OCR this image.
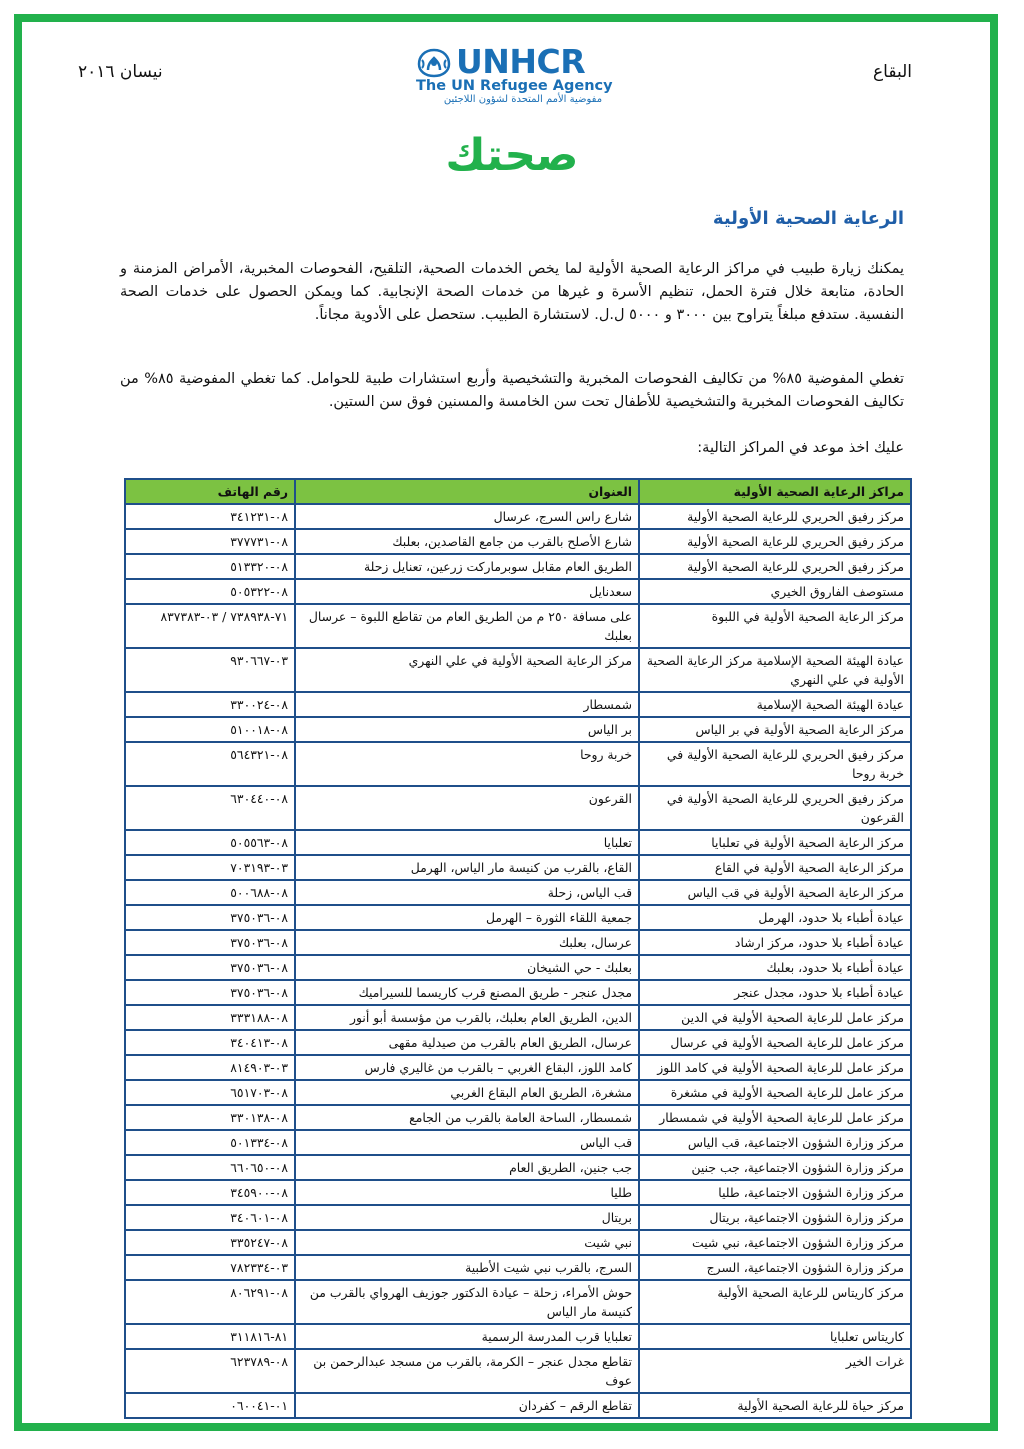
البقاع
نيسان ٢٠١٦	UNHCR
The UN Refugee Agency
مفوضية الأمم المتحدة لشؤون اللاجئين
صحتك
الرعاية الصحية الأولية
يمكنك زيارة طبيب في مراكز الرعاية الصحية الأولية لما يخص الخدمات الصحية، التلقيح، الفحوصات المخبرية، الأمراض المزمنة و الحادة، متابعة خلال فترة الحمل، تنظيم الأسرة و غيرها من خدمات الصحة الإنجابية. كما ويمكن الحصول على خدمات الصحة النفسية. ستدفع مبلغاً يتراوح بين ٣٠٠٠ و ٥٠٠٠ ل.ل. لاستشارة الطبيب. ستحصل على الأدوية مجاناً.
تغطي المفوضية ٨٥% من تكاليف الفحوصات المخبرية والتشخيصية وأربع استشارات طبية للحوامل. كما تغطي المفوضية ٨٥% من تكاليف الفحوصات المخبرية والتشخيصية للأطفال تحت سن الخامسة والمسنين فوق سن الستين.
عليك اخذ موعد في المراكز التالية:
مراكز الرعاية الصحية الأولية	العنوان	رقم الهاتف
مركز رفيق الحريري للرعاية الصحية الأولية	شارع راس السرج، عرسال	٠٨-٣٤١٢٣١
مركز رفيق الحريري للرعاية الصحية الأولية	شارع الأصلح بالقرب من جامع القاصدين، بعلبك	٠٨-٣٧٧٧٣١
مركز رفيق الحريري للرعاية الصحية الأولية	الطريق العام مقابل سوبرماركت زرعين، تعنايل زحلة	٠٨-٥١٣٣٢٠
مستوصف الفاروق الخيري	سعدنايل	٠٨-٥٠٥٣٢٢
مركز الرعاية الصحية الأولية في اللبوة	على مسافة ٢٥٠ م من الطريق العام من تقاطع اللبوة – عرسال بعلبك	٧١-٧٣٨٩٣٨ / ٠٣-٨٣٧٣٨٣
عيادة الهيئة الصحية الإسلامية مركز الرعاية الصحية الأولية في علي النهري	مركز الرعاية الصحية الأولية في علي النهري	٠٣-٩٣٠٦٦٧
عيادة الهيئة الصحية الإسلامية	شمسطار	٠٨-٣٣٠٠٢٤
مركز الرعاية الصحية الأولية في بر الياس	بر الياس	٠٨-٥١٠٠١٨
مركز رفيق الحريري للرعاية الصحية الأولية في خربة روحا	خربة روحا	٠٨-٥٦٤٣٢١
مركز رفيق الحريري للرعاية الصحية الأولية في القرعون	القرعون	٠٨-٦٣٠٤٤٠
مركز الرعاية الصحية الأولية في تعلبايا	تعلبايا	٠٨-٥٠٥٥٦٣
مركز الرعاية الصحية الأولية في القاع	القاع، بالقرب من كنيسة مار الياس، الهرمل	٠٣-٧٠٣١٩٣
مركز الرعاية الصحية الأولية في قب الياس	قب الياس، زحلة	٠٨-٥٠٠٦٨٨
عيادة أطباء بلا حدود، الهرمل	جمعية اللقاء الثورة – الهرمل	٠٨-٣٧٥٠٣٦
عيادة أطباء بلا حدود، مركز ارشاد	عرسال، بعلبك	٠٨-٣٧٥٠٣٦
عيادة أطباء بلا حدود، بعلبك	بعلبك - حي الشيخان	٠٨-٣٧٥٠٣٦
عيادة أطباء بلا حدود، مجدل عنجر	مجدل عنجر - طريق المصنع قرب كاريسما للسيراميك	٠٨-٣٧٥٠٣٦
مركز عامل للرعاية الصحية الأولية في الدين	الدين، الطريق العام بعلبك، بالقرب من مؤسسة أبو أنور	٠٨-٣٣٣١٨٨
مركز عامل للرعاية الصحية الأولية في عرسال	عرسال، الطريق العام بالقرب من صيدلية مقهى	٠٨-٣٤٠٤١٣
مركز عامل للرعاية الصحية الأولية في كامد اللوز	كامد اللوز، البقاع الغربي – بالقرب من غاليري فارس	٠٣-٨١٤٩٠٣
مركز عامل للرعاية الصحية الأولية في مشغرة	مشغرة، الطريق العام البقاع الغربي	٠٨-٦٥١٧٠٣
مركز عامل للرعاية الصحية الأولية في شمسطار	شمسطار، الساحة العامة بالقرب من الجامع	٠٨-٣٣٠١٣٨
مركز وزارة الشؤون الاجتماعية، قب الياس	قب الياس	٠٨-٥٠١٣٣٤
مركز وزارة الشؤون الاجتماعية، جب جنين	جب جنين، الطريق العام	٠٨-٦٦٠٦٥٠
مركز وزارة الشؤون الاجتماعية، طليا	طليا	٠٨-٣٤٥٩٠٠
مركز وزارة الشؤون الاجتماعية، بريتال	بريتال	٠٨-٣٤٠٦٠١
مركز وزارة الشؤون الاجتماعية، نبي شيت	نبي شيت	٠٨-٣٣٥٢٤٧
مركز وزارة الشؤون الاجتماعية، السرج	السرج، بالقرب نبي شيت الأطبية	٠٣-٧٨٢٣٣٤
مركز كاريتاس للرعاية الصحية الأولية	حوش الأمراء، زحلة – عيادة الدكتور جوزيف الهرواي بالقرب من كنيسة مار الياس	٠٨-٨٠٦٢٩١
كاريتاس تعلبايا	تعلبايا قرب المدرسة الرسمية	٨١-٣١١٨١٦
غرات الخير	تقاطع مجدل عنجر – الكرمة، بالقرب من مسجد عبدالرحمن بن عوف	٠٨-٦٢٣٧٨٩
مركز حياة للرعاية الصحية الأولية	تقاطع الرقم – كفردان	٠١-٠٦٠٠٤١
